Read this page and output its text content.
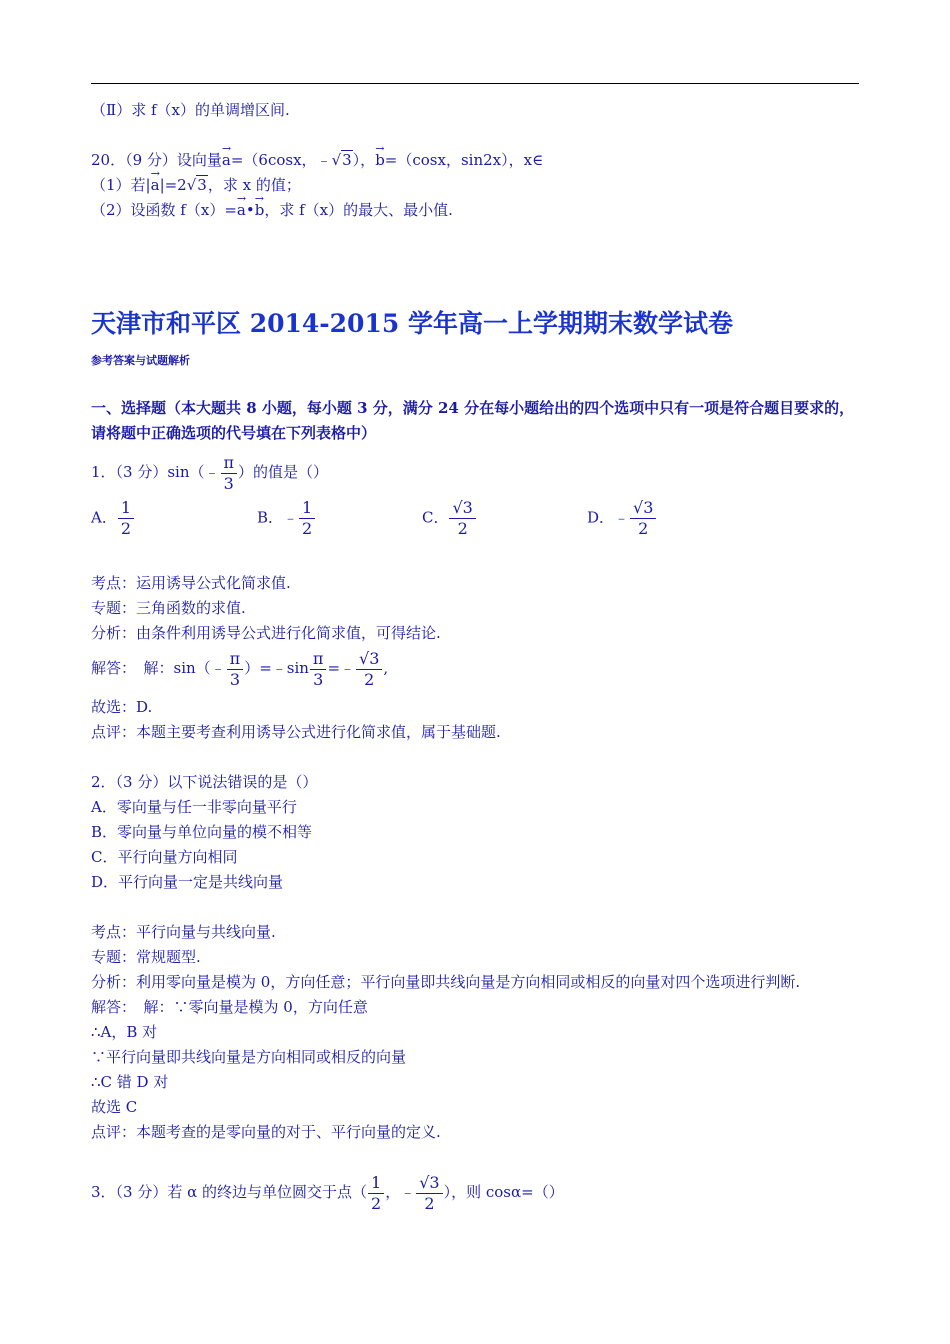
（Ⅱ）求 f（x）的单调增区间.
20．（9 分）设向量→ a=（6cosx，﹣√3），→ b=（cosx，sin2x），x∈
（1）若|→ a|=2√3，求 x 的值；
（2）设函数 f（x）=→ a•→ b，求 f（x）的最大、最小值.
天津市和平区 2014-2015 学年高一上学期期末数学试卷
参考答案与试题解析
一、选择题（本大题共 8 小题，每小题 3 分，满分 24 分在每小题给出的四个选项中只有一项是符合题目要求的，请将题中正确选项的代号填在下列表格中）
1．（3 分）sin（﹣ $\frac{\pi}{3}$ ）的值是（）
A． $\frac{1}{2}$	B．﹣ $\frac{1}{2}$	C． $\frac{√3}{2}$	D．﹣ $\frac{√3}{2}$
考点：运用诱导公式化简求值.
专题：三角函数的求值.
分析：由条件利用诱导公式进行化简求值，可得结论.
解答：　解：sin（﹣ $\frac{\pi}{3}$ ）=﹣sin $\frac{\pi}{3}$ =﹣ $\frac{√3}{2}$ ,
故选：D.
点评：本题主要考查利用诱导公式进行化简求值，属于基础题.
2．（3 分）以下说法错误的是（）
A．零向量与任一非零向量平行
B．零向量与单位向量的模不相等
C．平行向量方向相同
D．平行向量一定是共线向量
考点：平行向量与共线向量.
专题：常规题型.
分析：利用零向量是模为 0，方向任意；平行向量即共线向量是方向相同或相反的向量对四个选项进行判断.
解答：　解：∵零向量是模为 0，方向任意
∴A，B 对
∵平行向量即共线向量是方向相同或相反的向量
∴C 错 D 对
故选 C
点评：本题考查的是零向量的对于、平行向量的定义.
3．（3 分）若 α 的终边与单位圆交于点（ $\frac{1}{2}$ ，﹣ $\frac{√3}{2}$ ），则 cosα=（）
